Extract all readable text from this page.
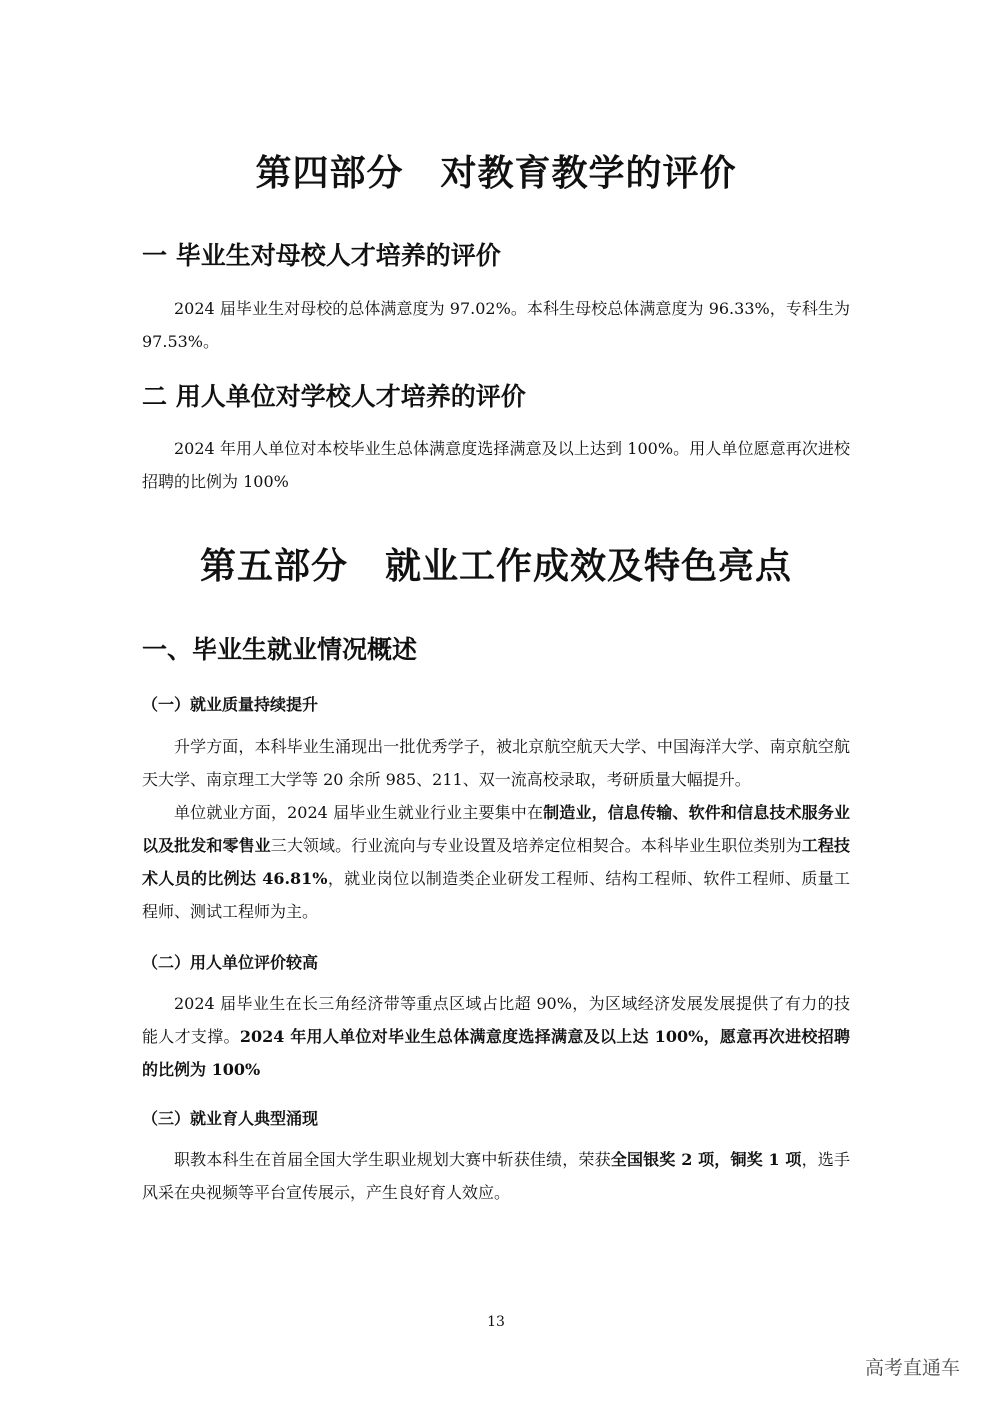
第四部分　对教育教学的评价
一 毕业生对母校人才培养的评价

2024 届毕业生对母校的总体满意度为 97.02%。本科生母校总体满意度为 96.33%，专科生为 97.53%。

二 用人单位对学校人才培养的评价

2024 年用人单位对本校毕业生总体满意度选择满意及以上达到 100%。用人单位愿意再次进校招聘的比例为 100%

第五部分　就业工作成效及特色亮点
一、毕业生就业情况概述
（一）就业质量持续提升

升学方面，本科毕业生涌现出一批优秀学子，被北京航空航天大学、中国海洋大学、南京航空航天大学、南京理工大学等 20 余所 985、211、双一流高校录取，考研质量大幅提升。

单位就业方面，2024 届毕业生就业行业主要集中在制造业，信息传输、软件和信息技术服务业以及批发和零售业三大领域。行业流向与专业设置及培养定位相契合。本科毕业生职位类别为工程技术人员的比例达 46.81%，就业岗位以制造类企业研发工程师、结构工程师、软件工程师、质量工程师、测试工程师为主。

（二）用人单位评价较高

2024 届毕业生在长三角经济带等重点区域占比超 90%，为区域经济发展发展提供了有力的技能人才支撑。2024 年用人单位对毕业生总体满意度选择满意及以上达 100%，愿意再次进校招聘的比例为 100%

（三）就业育人典型涌现

职教本科生在首届全国大学生职业规划大赛中斩获佳绩，荣获全国银奖 2 项，铜奖 1 项，选手风采在央视频等平台宣传展示，产生良好育人效应。

13
高考直通车
